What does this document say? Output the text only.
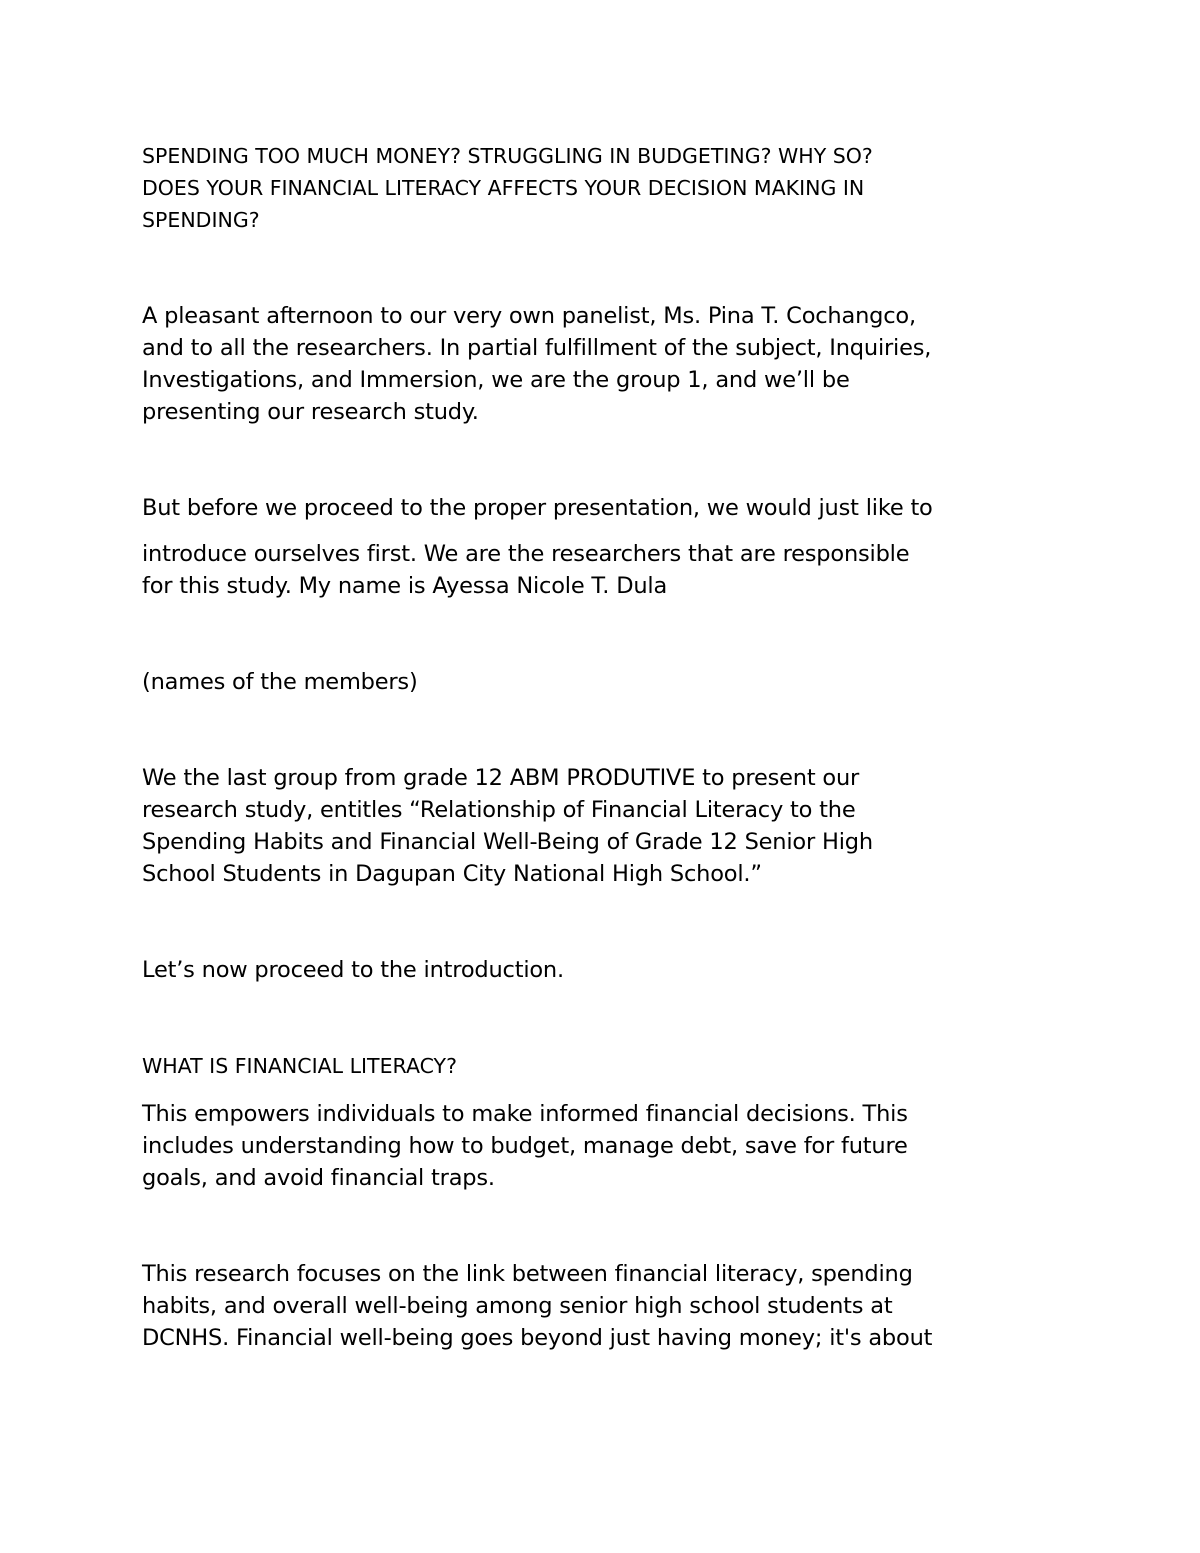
SPENDING TOO MUCH MONEY? STRUGGLING IN BUDGETING? WHY SO?
DOES YOUR FINANCIAL LITERACY AFFECTS YOUR DECISION MAKING IN
SPENDING?
A pleasant afternoon to our very own panelist, Ms. Pina T. Cochangco,
and to all the researchers. In partial fulfillment of the subject, Inquiries,
Investigations, and Immersion, we are the group 1, and we’ll be
presenting our research study.
But before we proceed to the proper presentation, we would just like to
introduce ourselves first. We are the researchers that are responsible
for this study. My name is Ayessa Nicole T. Dula
(names of the members)
We the last group from grade 12 ABM PRODUTIVE to present our
research study, entitles “Relationship of Financial Literacy to the
Spending Habits and Financial Well-Being of Grade 12 Senior High
School Students in Dagupan City National High School.”
Let’s now proceed to the introduction.
WHAT IS FINANCIAL LITERACY?
This empowers individuals to make informed financial decisions. This
includes understanding how to budget, manage debt, save for future
goals, and avoid financial traps.
This research focuses on the link between financial literacy, spending
habits, and overall well-being among senior high school students at
DCNHS. Financial well-being goes beyond just having money; it's about
